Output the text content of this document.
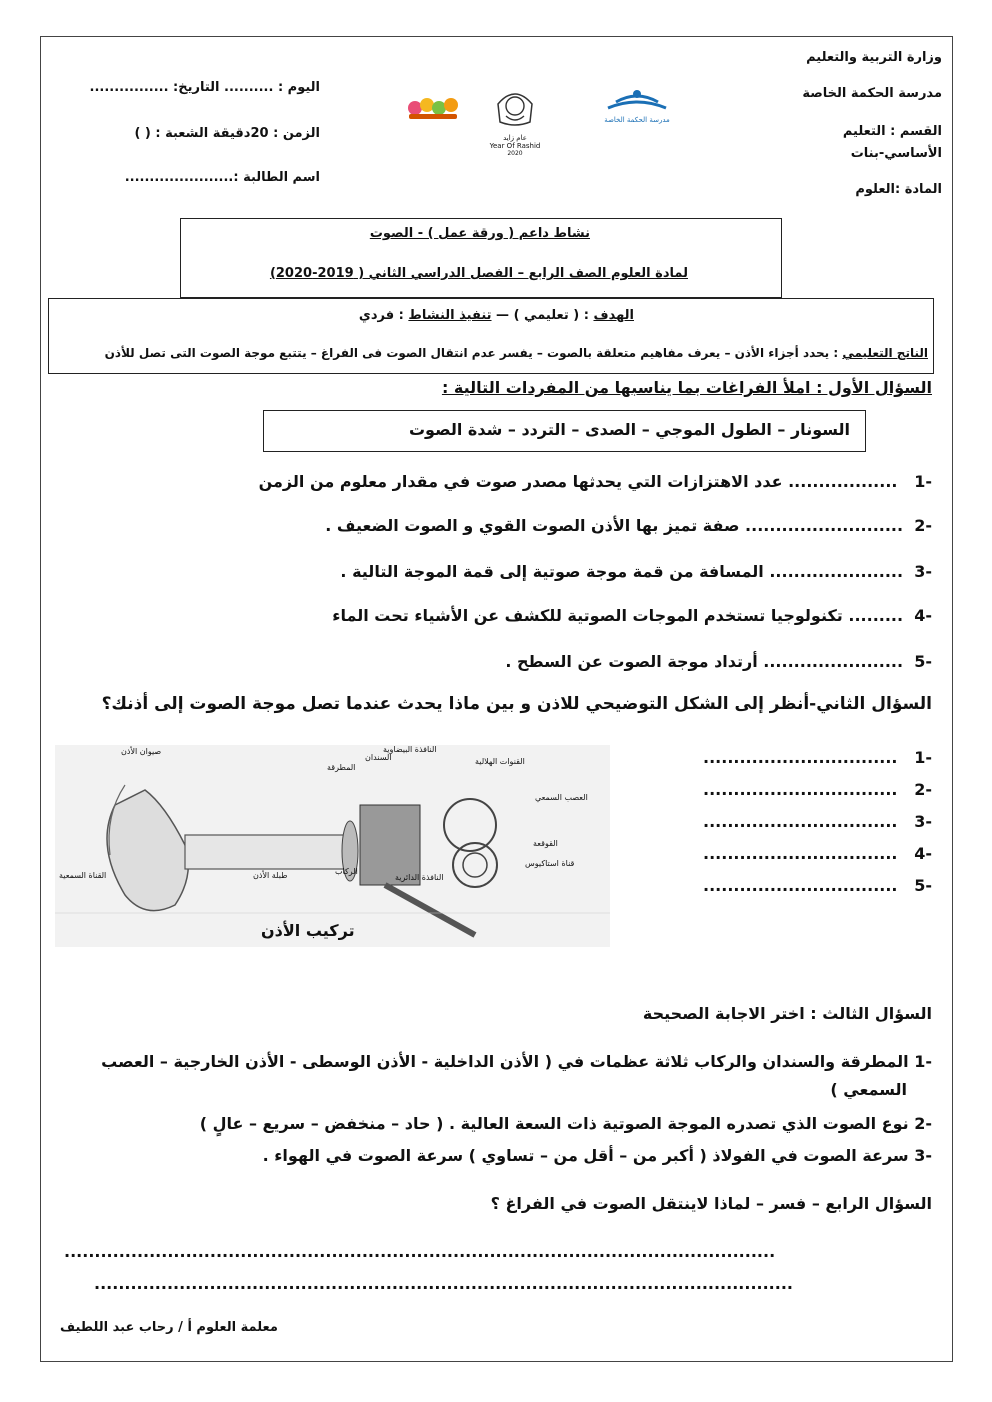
وزارة التربية والتعليم
مدرسة الحكمة الخاصة
القسم : التعليم
الأساسي-بنات
المادة :العلوم
اليوم : .......... التاريخ: ................
الزمن : 20دقيقة الشعبة : ( )
اسم الطالبة :......................
عام زايد
Year Of Rashid
2020
مدرسة الحكمة الخاصة
نشاط داعم ( ورقة عمل ) - الصوت
لمادة العلوم الصف الرابع – الفصل الدراسي الثاني ( 2019-2020)
الهدف : ( تعليمي ) — تنفيذ النشاط : فردي
الناتج التعليمي : يحدد أجزاء الأذن – يعرف مفاهيم متعلقة بالصوت – يفسر عدم انتقال الصوت فى الفراغ – يتتبع موجة الصوت التى تصل للأذن
السؤال الأول : املأ الفراغات بما يناسبها من المفردات التالية :
السونار – الطول الموجي – الصدى – التردد – شدة الصوت
-1   .................. عدد الاهتزازات التي يحدثها مصدر صوت في مقدار معلوم من الزمن
-2  .......................... صفة تميز بها الأذن الصوت القوي و الصوت الضعيف .
-3  ...................... المسافة من قمة موجة صوتية إلى قمة الموجة التالية .
-4  ......... تكنولوجيا تستخدم الموجات الصوتية للكشف عن الأشياء تحت الماء
-5  ....................... أرتداد موجة الصوت عن السطح .
السؤال الثاني-أنظر إلى الشكل التوضيحي للاذن و بين ماذا يحدث عندما تصل موجة الصوت إلى أذنك؟
صيوان الأذن
المطرقة
السندان
النافذة البيضاوية
القنوات الهلالية
العصب السمعي
القوقعة
قناة استاكيوس
الركاب
النافذة الدائرية
طبلة الأذن
القناة السمعية
تركيب الأذن
-1   ................................
-2   ................................
-3   ................................
-4   ................................
-5   ................................
السؤال الثالث : اختر الاجابة الصحيحة
-1 المطرقة والسندان والركاب ثلاثة عظمات في ( الأذن الداخلية - الأذن الوسطى - الأذن الخارجية – العصب
السمعي )
-2 نوع الصوت الذي تصدره الموجة الصوتية ذات السعة العالية . ( حاد – منخفض – سريع – عالٍ )
-3 سرعة الصوت في الفولاذ ( أكبر من – أقل من – تساوي ) سرعة الصوت في الهواء .
السؤال الرابع – فسر – لماذا لاينتقل الصوت في الفراغ ؟
.....................................................................................................................
...................................................................................................................
معلمة العلوم أ / رحاب عبد اللطيف
